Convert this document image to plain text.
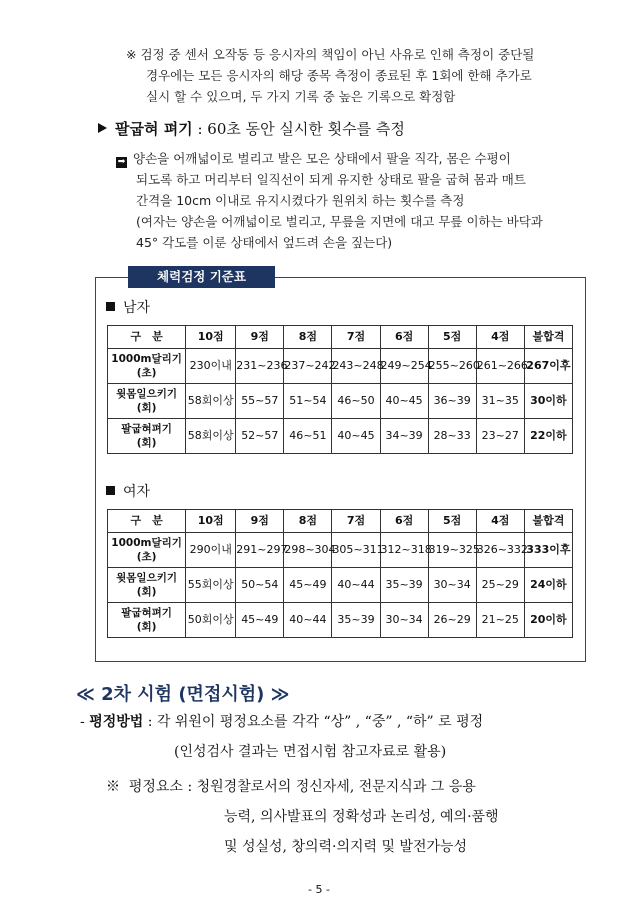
※ 검정 중 센서 오작동 등 응시자의 책임이 아닌 사유로 인해 측정이 중단될
경우에는 모든 응시자의 해당 종목 측정이 종료된 후 1회에 한해 추가로
실시 할 수 있으며, 두 가지 기록 중 높은 기록으로 확정함
팔굽혀 펴기 : 60초 동안 실시한 횟수를 측정
➡ 양손을 어깨넓이로 벌리고 발은 모은 상태에서 팔을 직각, 몸은 수평이
되도록 하고 머리부터 일직선이 되게 유지한 상태로 팔을 굽혀 몸과 매트
간격을 10cm 이내로 유지시켰다가 원위치 하는 횟수를 측정
(여자는 양손을 어깨넓이로 벌리고, 무릎을 지면에 대고 무릎 이하는 바닥과
45° 각도를 이룬 상태에서 엎드려 손을 짚는다)
체력검정 기준표
남자
구　분	10점	9점	8점	7점	6점	5점	4점	불합격

1000m달리기
(초)	230이내	231~236	237~242	243~248	249~254	255~260	261~266	267이후

윗몸일으키기
(회)	58회이상	55~57	51~54	46~50	40~45	36~39	31~35	30이하

팔굽혀펴기
(회)	58회이상	52~57	46~51	40~45	34~39	28~33	23~27	22이하
여자
구　분	10점	9점	8점	7점	6점	5점	4점	불합격

1000m달리기
(초)	290이내	291~297	298~304	305~311	312~318	319~325	326~332	333이후

윗몸일으키기
(회)	55회이상	50~54	45~49	40~44	35~39	30~34	25~29	24이하

팔굽혀펴기
(회)	50회이상	45~49	40~44	35~39	30~34	26~29	21~25	20이하
≪ 2차 시험 (면접시험) ≫
- 평정방법 : 각 위원이 평정요소를 각각 “상” , “중” , “하” 로 평정
(인성검사 결과는 면접시험 참고자료로 활용)
※ 평정요소 : 청원경찰로서의 정신자세, 전문지식과 그 응용
능력, 의사발표의 정확성과 논리성, 예의·품행
및 성실성, 창의력·의지력 및 발전가능성
- 5 -
